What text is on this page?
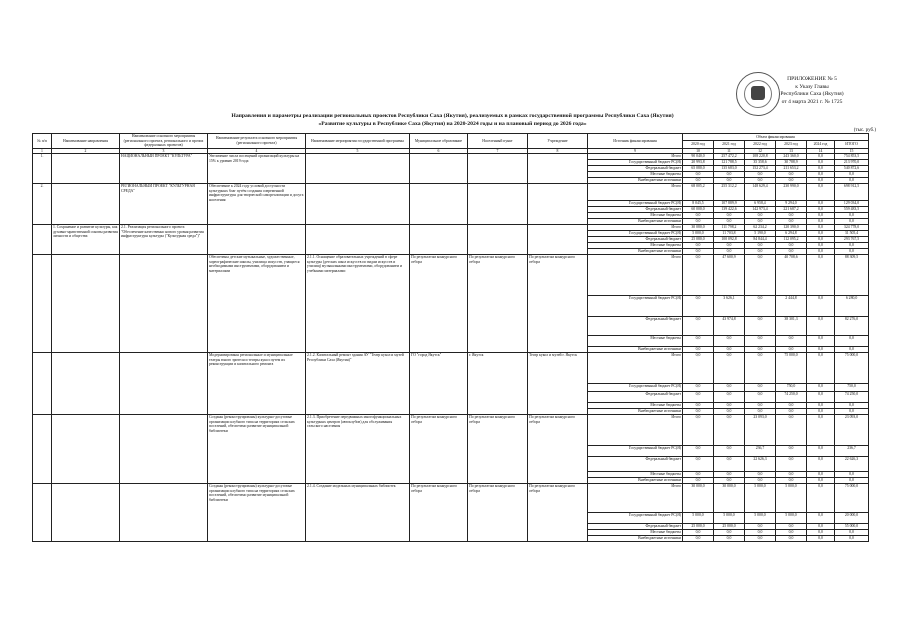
ПРИЛОЖЕНИЕ № 5
к Указу Главы
Республики Саха (Якутия)
от 4 марта 2021 г. № 1725
Направления и параметры реализации региональных проектов Республики Саха (Якутия), реализуемых в рамках государственной программы Республики Саха (Якутия)
«Развитие культуры в Республике Саха (Якутия) на 2020-2024 годы и на плановый период до 2026 года»
(тыс. руб.)
№ п/п	Наименование направления	Наименование основного мероприятия (регионального проекта, регионального и прочих федеральных проектов)	Наименование результата основного мероприятия (регионального проекта)	Наименование мероприятия государственной программы	Муниципальное образование	Населенный пункт	Учреждение	Источник финансирования	Объем финансирования					
									2020 год	2021 год	2022 год	2023 год	2024 год	ИТОГО
1	2	3	4	5	6	7	8	9	10	11	12	13	14	15
1.		НАЦИОНАЛЬНЫЙ ПРОЕКТ "КУЛЬТУРА"	Увеличение числа посещений организаций культуры на 15% к уровню 2019 года					Итого	90 040,0	257 472,2	108 220,8	243 360,0	0,0	754 853,5
								Государственный бюджет РС(Я)	20 993,8	121 788,5	35 358,6	30 788,9	0,0	213 970,0
								Федеральный бюджет	65 080,0	135 683,0	152 273,4	211 653,2	0,0	540 872,6
								Местные бюджеты	0,0	0,0	0,0	0,0	0,0	0,0
								Внебюджетные источники	0,0	0,0	0,0	0,0	0,0	0,0
2.		РЕГИОНАЛЬНЫЙ ПРОЕКТ "КУЛЬТУРНАЯ СРЕДА"	Обеспечение к 2024 году условий доступности культурных благ путём создания современной инфраструктуры для творческой самореализации и досуга населения					Итого	68 005,2	255 312,2	148 629,4	230 990,0	0,0	698 912,5
								Государственный бюджет РС(Я)	8 045,5	107 889,9	6 958,4	9 294,0	0,0	129 034,0
								Федеральный бюджет	60 000,0	139 422,6	142 973,4	221 687,2	0,0	559 483,5
								Местные бюджеты	0,0	0,0	0,0	0,0	0,0	0,0
								Внебюджетные источники	0,0	0,0	0,0	0,0	0,0	0,0
	1. Сохранение и развитие культуры, как духовно-нравственной основы развития личности и общества	2.1. Реализация регионального проекта "Обеспечение качественно нового уровня развития инфраструктуры культуры ("Культурная среда")"						Итого	30 080,0	111 798,2	62 234,2	120 390,0	0,0	324 778,0
								Государственный бюджет РС(Я)	5 000,0	11 703,8	5 190,0	6 294,8	0,0	31 505,4
								Федеральный бюджет	25 080,0	100 092,8	84 844,4	112 095,2	0,0	293 767,5
								Местные бюджеты	0,0	0,0	0,0	0,0	0,0	0,0
								Внебюджетные источники	0,0	0,0	0,0	0,0	0,0	0,0
			Обеспечены детские музыкальные, художественные, хореографические школы, училища искусств, учащиеся необходимыми инструментами, оборудованием и материалами	2.1.1. Оснащение образовательных учреждений в сфере культуры (детских школ искусств по видам искусств и училищ) музыкальными инструментами, оборудованием и учебными материалами	По результатам конкурсного отбора	По результатам конкурсного отбора	По результатам конкурсного отбора	Итого	0,0	47 600,9	0,0	40 708,6	0,0	88 309,5
								Государственный бюджет РС(Я)	0,0	3 626,1	0,0	2 444,8	0,0	6 280,0
								Федеральный бюджет	0,0	43 974,8	0,0	38 301,3	0,0	82 276,0
								Местные бюджеты	0,0	0,0	0,0	0,0	0,0	0,0
								Внебюджетные источники	0,0	0,0	0,0	0,0	0,0	0,0
			Модернизированы региональные и муниципальные театры юного зрителя и театры кукол путем их реконструкции и капитального ремонта	2.1.2. Капитальный ремонт здания АУ "Театр кукол и музей Республики Саха (Якутия)"	ГО "город Якутск"	г. Якутск	Театр кукол и музей г. Якутск	Итого	0,0	0,0	0,0	75 000,0	0,0	75 000,0
								Государственный бюджет РС(Я)	0,0	0,0	0,0	750,0	0,0	750,0
								Федеральный бюджет	0,0	0,0	0,0	74 250,0	0,0	74 250,0
								Местные бюджеты	0,0	0,0	0,0	0,0	0,0	0,0
								Внебюджетные источники	0,0	0,0	0,0	0,0	0,0	0,0
			Созданы (реконструированы) культурно-досуговые организации клубного типа на территориях сельских поселений, обеспечено развитие муниципальной библиотеки	2.1.3. Приобретение передвижных многофункциональных культурных центров (автоклубов) для обслуживания сельского населения	По результатам конкурсного отбора	По результатам конкурсного отбора	По результатам конкурсного отбора	Итого	0,0	0,0	23 093,0	0,0	0,0	23 093,0
								Государственный бюджет РС(Я)	0,0	0,0	236,7	0,0	0,0	236,7
								Федеральный бюджет	0,0	0,0	22 626,3	0,0	0,0	22 626,3
								Местные бюджеты	0,0	0,0	0,0	0,0	0,0	0,0
								Внебюджетные источники	0,0	0,0	0,0	0,0	0,0	0,0
			Созданы (реконструированы) культурно-досуговые организации клубного типа на территориях сельских поселений, обеспечено развитие муниципальной библиотеки	2.1.4. Создание модельных муниципальных библиотек	По результатам конкурсного отбора	По результатам конкурсного отбора	По результатам конкурсного отбора	Итого	30 000,0	30 000,0	5 000,0	5 000,0	0,0	75 000,0
								Государственный бюджет РС(Я)	5 000,0	5 000,0	5 000,0	5 000,0	0,0	20 000,0
								Федеральный бюджет	25 000,0	25 000,0	0,0	0,0	0,0	55 000,0
								Местные бюджеты	0,0	0,0	0,0	0,0	0,0	0,0
								Внебюджетные источники	0,0	0,0	0,0	0,0	0,0	0,0
